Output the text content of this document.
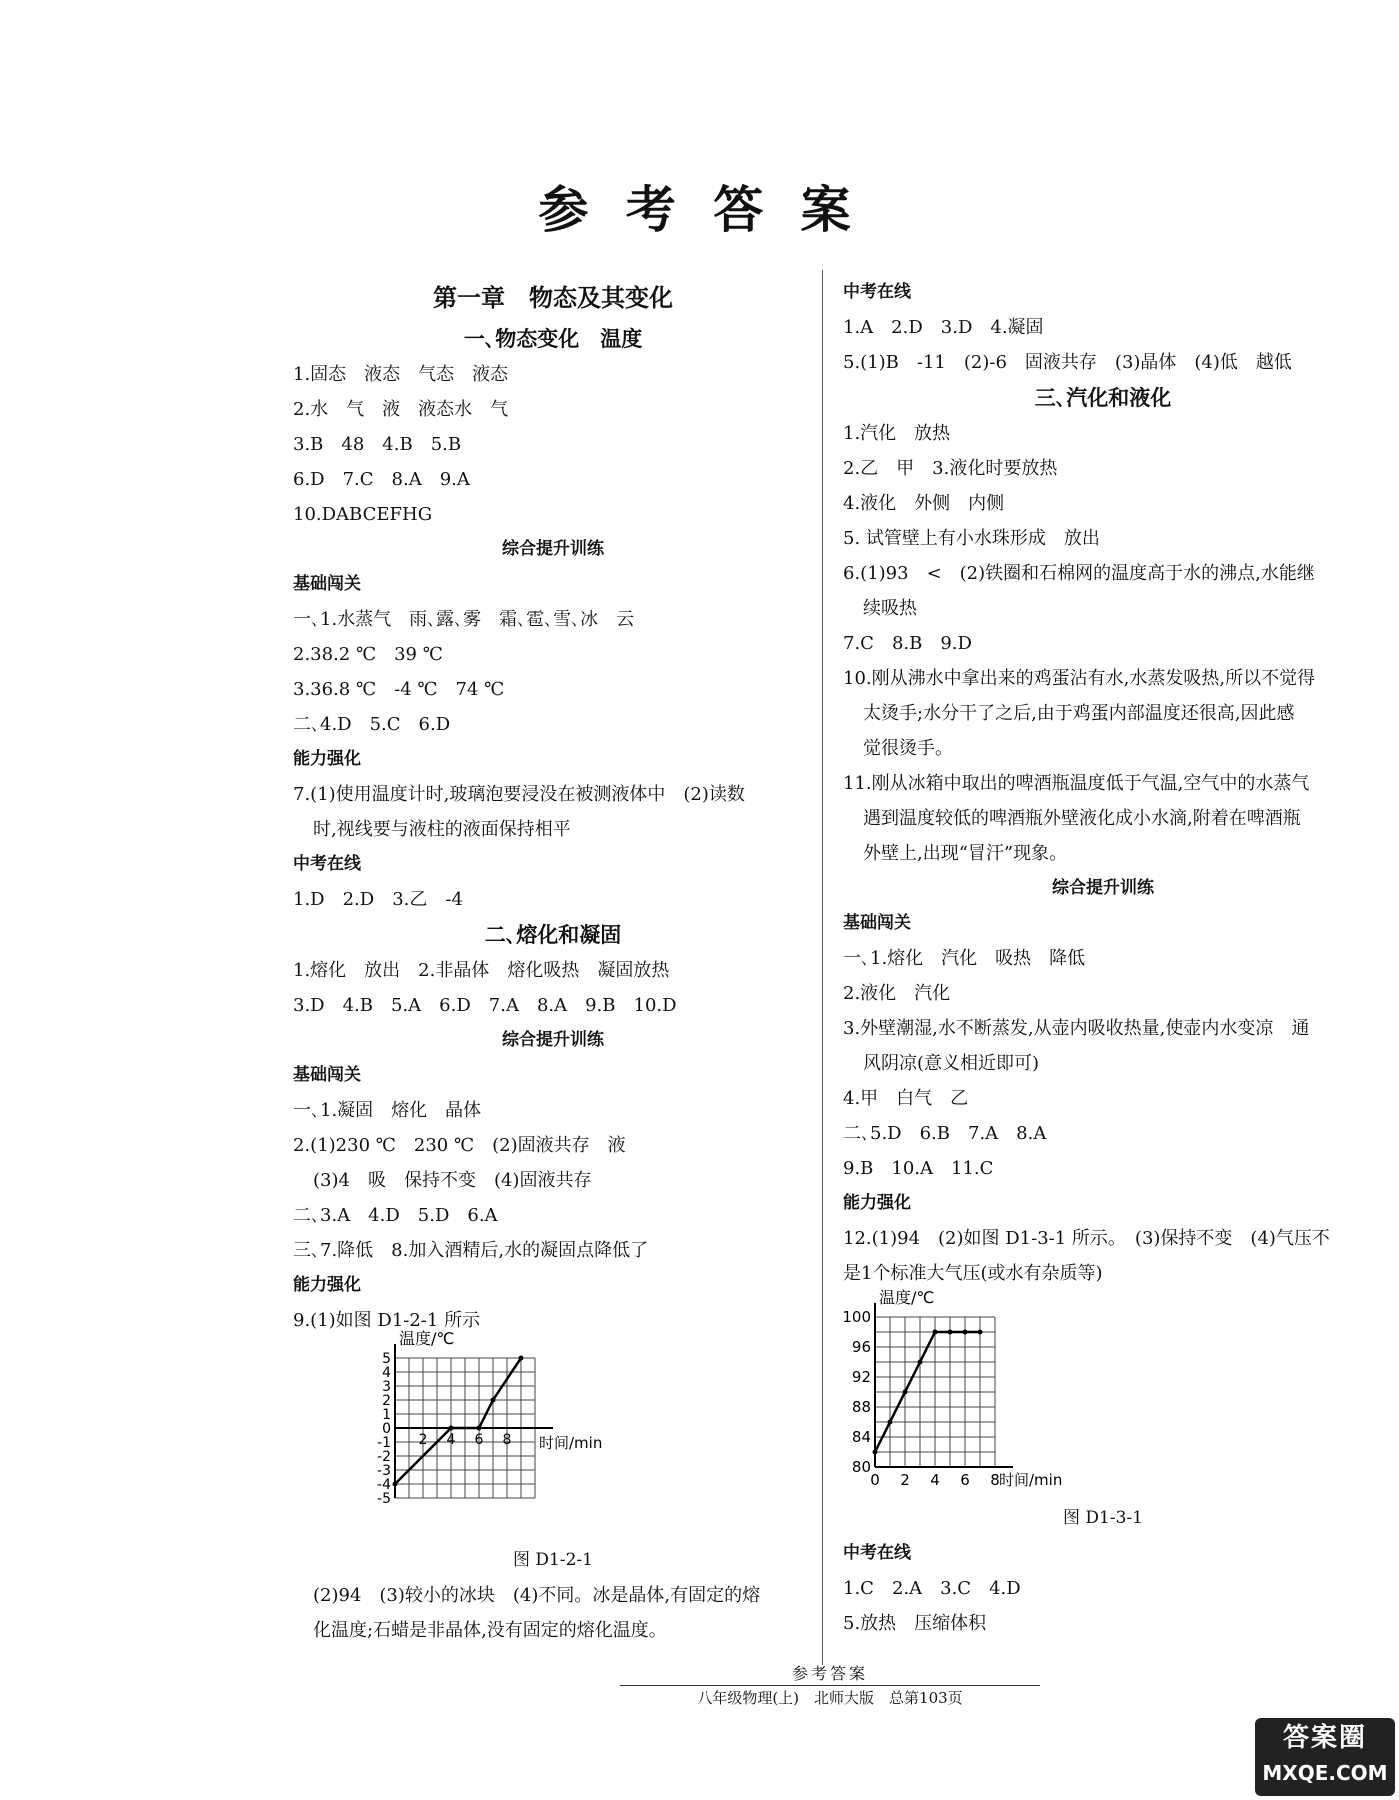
参 考 答 案
第一章　物态及其变化
一､物态变化　温度
1.固态　液态　气态　液态
2.水　气　液　液态水　气
3.B　48　4.B　5.B
6.D　7.C　8.A　9.A
10.DABCEFHG
综合提升训练
基础闯关
一､1.水蒸气　雨､露､雾　霜､雹､雪､冰　云
2.38.2 ℃　39 ℃
3.36.8 ℃　-4 ℃　74 ℃
二､4.D　5.C　6.D
能力强化
7.(1)使用温度计时,玻璃泡要浸没在被测液体中　(2)读数
时,视线要与液柱的液面保持相平
中考在线
1.D　2.D　3.乙　-4
二､熔化和凝固
1.熔化　放出　2.非晶体　熔化吸热　凝固放热
3.D　4.B　5.A　6.D　7.A　8.A　9.B　10.D
综合提升训练
基础闯关
一､1.凝固　熔化　晶体
2.(1)230 ℃　230 ℃　(2)固液共存　液
(3)4　吸　保持不变　(4)固液共存
二､3.A　4.D　5.D　6.A
三､7.降低　8.加入酒精后,水的凝固点降低了
能力强化
9.(1)如图 D1-2-1 所示
5
4
3
2
1
0
-1
-2
-3
-4
-5
2 4 6 8
温度/℃
时间/min
图 D1-2-1
(2)94　(3)较小的冰块　(4)不同。冰是晶体,有固定的熔
化温度;石蜡是非晶体,没有固定的熔化温度。
中考在线
1.A　2.D　3.D　4.凝固
5.(1)B　-11　(2)-6　固液共存　(3)晶体　(4)低　越低
三､汽化和液化
1.汽化　放热
2.乙　甲　3.液化时要放热
4.液化　外侧　内侧
5. 试管壁上有小水珠形成　放出
6.(1)93　<　(2)铁圈和石棉网的温度高于水的沸点,水能继
续吸热
7.C　8.B　9.D
10.刚从沸水中拿出来的鸡蛋沾有水,水蒸发吸热,所以不觉得
太烫手;水分干了之后,由于鸡蛋内部温度还很高,因此感
觉很烫手。
11.刚从冰箱中取出的啤酒瓶温度低于气温,空气中的水蒸气
遇到温度较低的啤酒瓶外壁液化成小水滴,附着在啤酒瓶
外壁上,出现“冒汗”现象。
综合提升训练
基础闯关
一､1.熔化　汽化　吸热　降低
2.液化　汽化
3.外壁潮湿,水不断蒸发,从壶内吸收热量,使壶内水变凉　通
风阴凉(意义相近即可)
4.甲　白气　乙
二､5.D　6.B　7.A　8.A
9.B　10.A　11.C
能力强化
12.(1)94　(2)如图 D1-3-1 所示。　(3)保持不变　(4)气压不
是1个标准大气压(或水有杂质等)
100
96
92
88
84
80
0 2 4 6 8
温度/℃
时间/min
图 D1-3-1
中考在线
1.C　2.A　3.C　4.D
5.放热　压缩体积
参考答案
八年级物理(上)　北师大版　总第103页
答案圈
MXQE.COM
